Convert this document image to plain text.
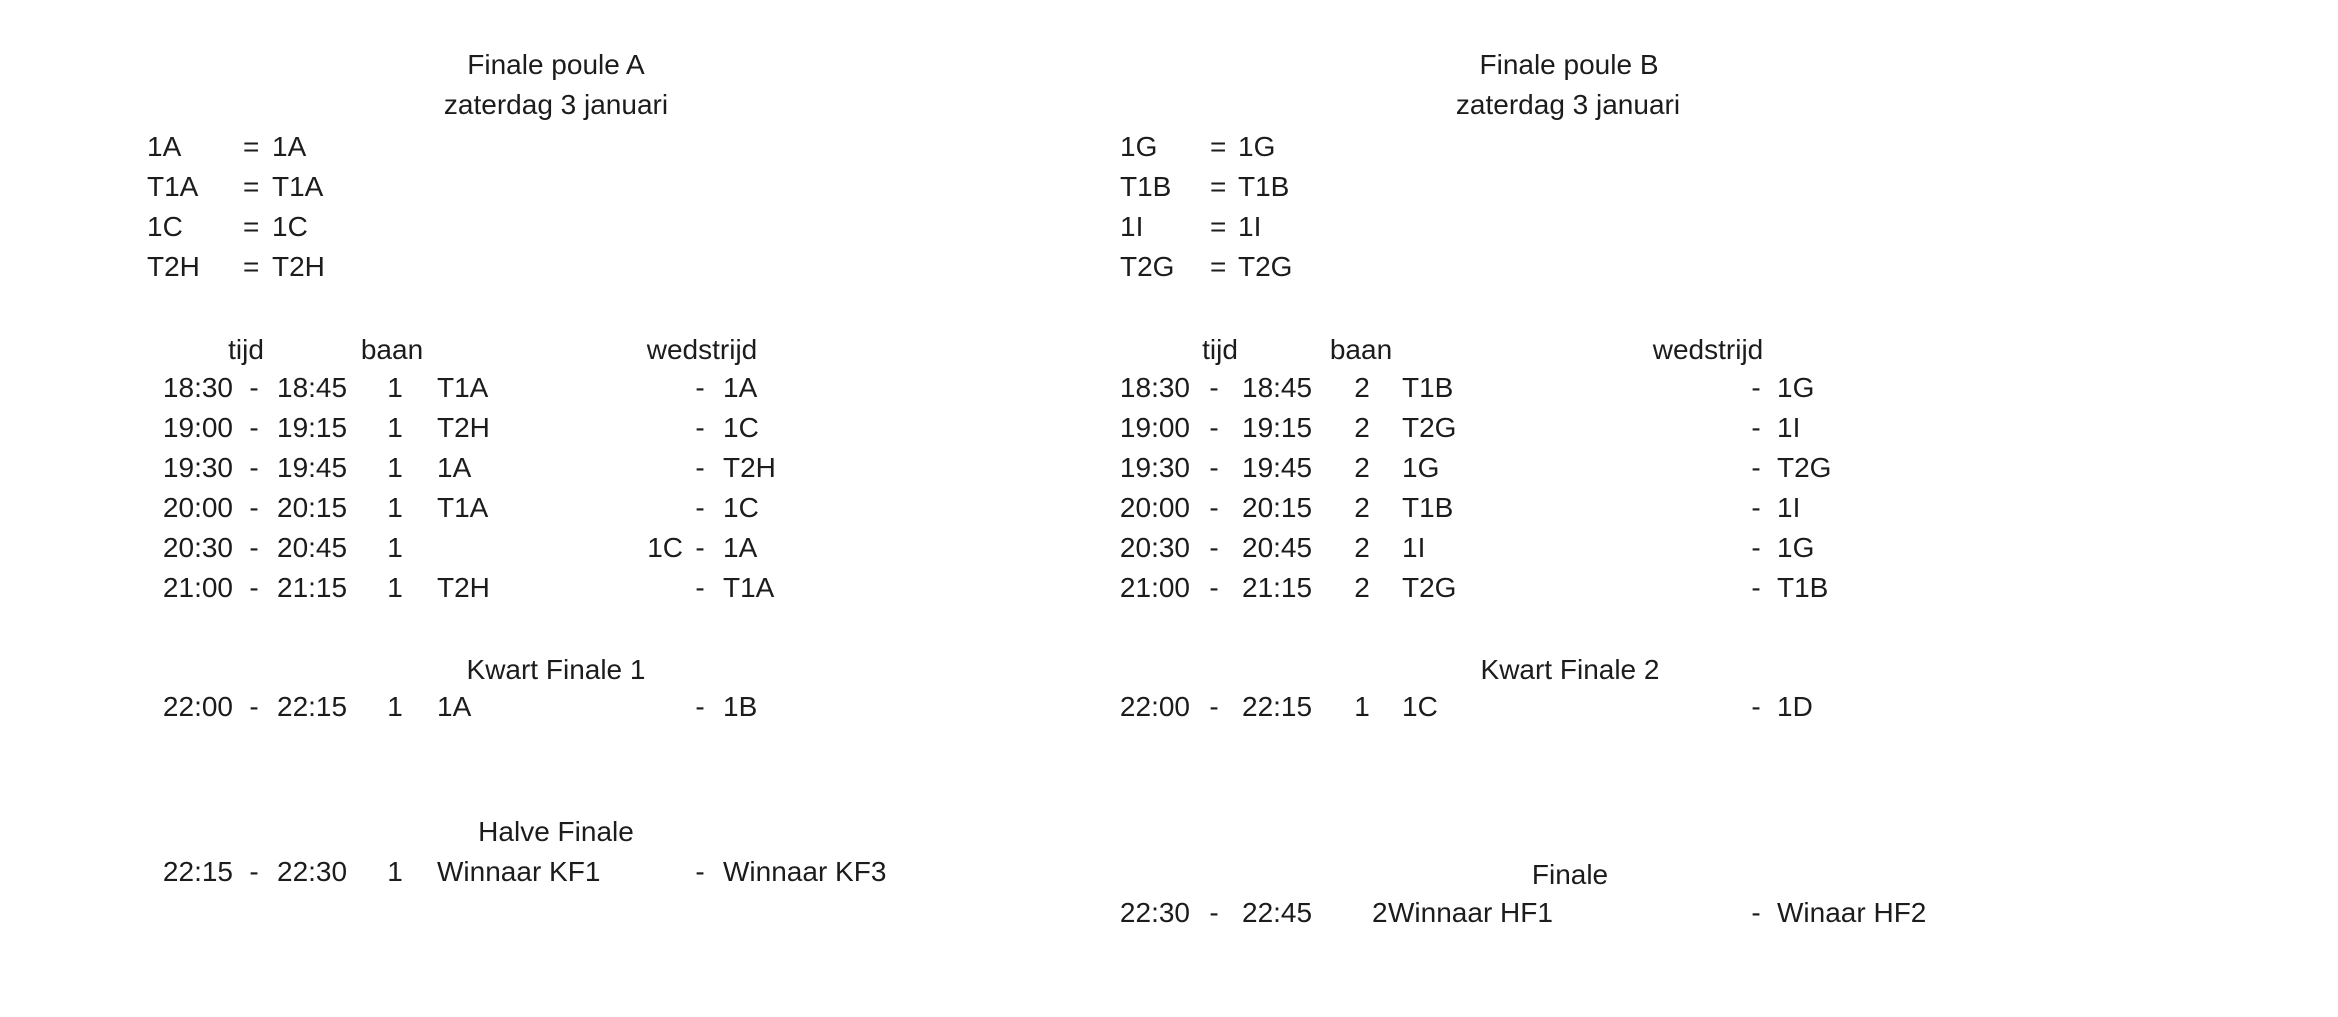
Finale poule A
zaterdag 3 januari
1A = 1A
T1A = T1A
1C = 1C
T2H = T2H
tijd	baan	wedstrijd
18:30 - 18:45 1 T1A	- 1A
19:00 - 19:15 1 T2H	- 1C
19:30 - 19:45 1 1A	- T2H
20:00 - 20:15 1 T1A	- 1C
20:30 - 20:45 1	1C - 1A
21:00 - 21:15 1 T2H	- T1A
Kwart Finale 1
22:00 - 22:15 1 1A	- 1B
Halve Finale
22:15 - 22:30 1 Winnaar KF1	- Winnaar KF3
Finale poule B
zaterdag 3 januari
1G = 1G
T1B = T1B
1I = 1I
T2G = T2G
tijd	baan	wedstrijd
18:30 - 18:45 2 T1B	- 1G
19:00 - 19:15 2 T2G	- 1I
19:30 - 19:45 2 1G	- T2G
20:00 - 20:15 2 T1B	- 1I
20:30 - 20:45 2 1I	- 1G
21:00 - 21:15 2 T2G	- T1B
Kwart Finale 2
22:00 - 22:15 1 1C	- 1D
Finale
22:30 - 22:45 2 Winnaar HF1	- Winaar HF2
